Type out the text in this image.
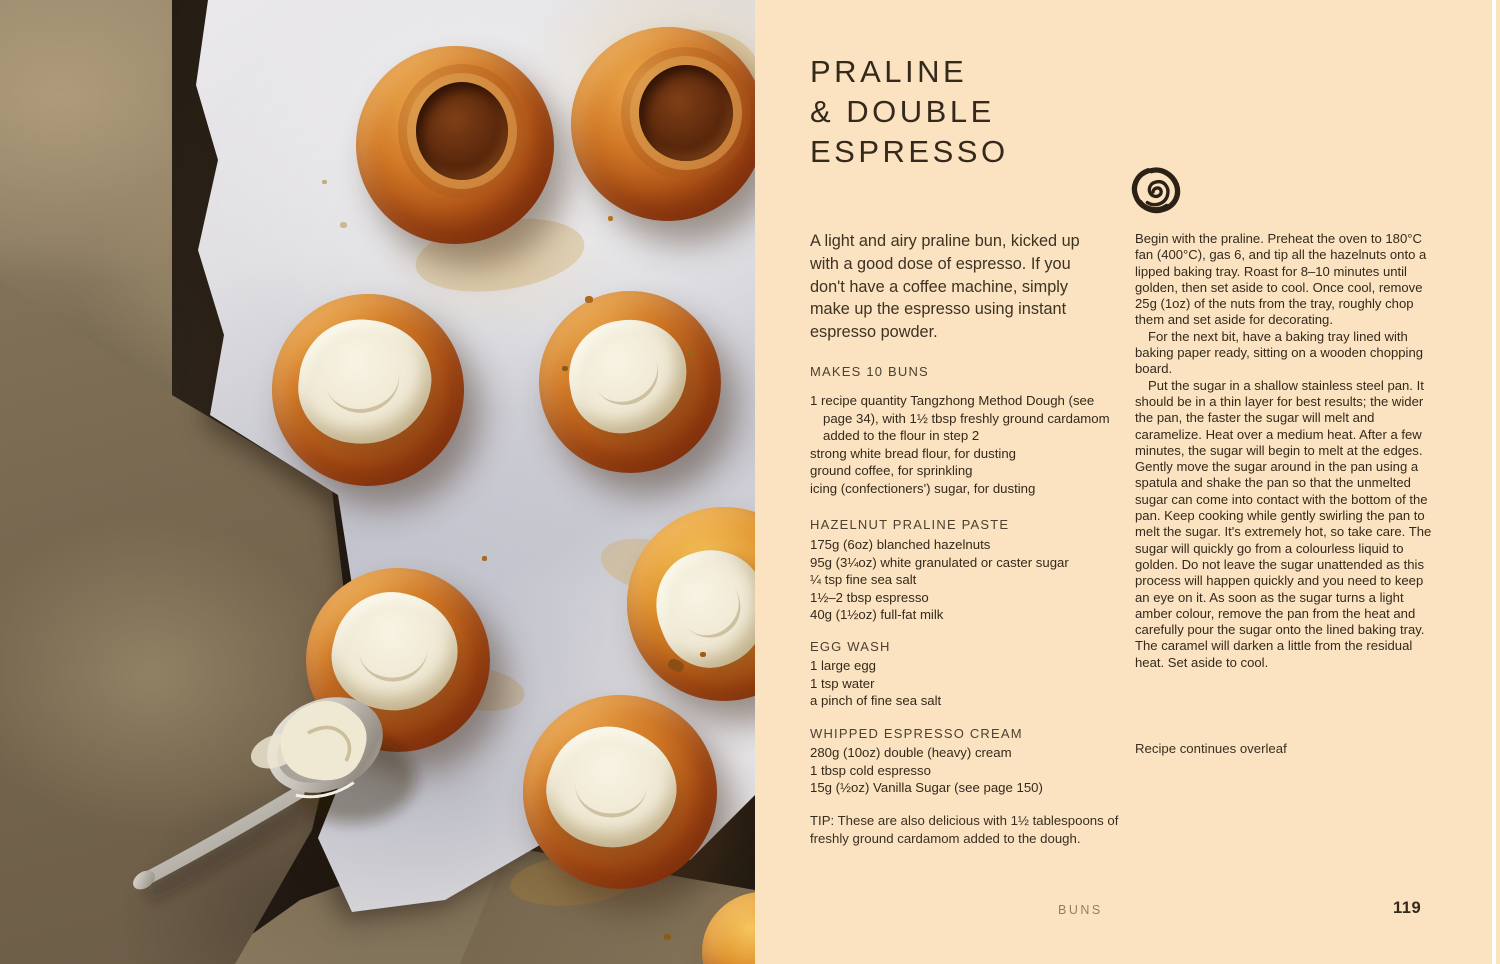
PRALINE
& DOUBLE
ESPRESSO
A light and airy praline bun, kicked up with a good dose of espresso. If you don't have a coffee machine, simply make up the espresso using instant espresso powder.
MAKES 10 BUNS
1 recipe quantity Tangzhong Method Dough (see page 34), with 1½ tbsp freshly ground cardamom added to the flour in step 2
strong white bread flour, for dusting
ground coffee, for sprinkling
icing (confectioners') sugar, for dusting
HAZELNUT PRALINE PASTE
175g (6oz) blanched hazelnuts
95g (3¼oz) white granulated or caster sugar
¼ tsp fine sea salt
1½–2 tbsp espresso
40g (1½oz) full-fat milk
EGG WASH
1 large egg
1 tsp water
a pinch of fine sea salt
WHIPPED ESPRESSO CREAM
280g (10oz) double (heavy) cream
1 tbsp cold espresso
15g (½oz) Vanilla Sugar (see page 150)
TIP: These are also delicious with 1½ tablespoons of freshly ground cardamom added to the dough.

Begin with the praline. Preheat the oven to 180°C fan (400°C), gas 6, and tip all the hazelnuts onto a lipped baking tray. Roast for 8–10 minutes until golden, then set aside to cool. Once cool, remove 25g (1oz) of the nuts from the tray, roughly chop them and set aside for decorating.

For the next bit, have a baking tray lined with baking paper ready, sitting on a wooden chopping board.

Put the sugar in a shallow stainless steel pan. It should be in a thin layer for best results; the wider the pan, the faster the sugar will melt and caramelize. Heat over a medium heat. After a few minutes, the sugar will begin to melt at the edges. Gently move the sugar around in the pan using a spatula and shake the pan so that the unmelted sugar can come into contact with the bottom of the pan. Keep cooking while gently swirling the pan to melt the sugar. It's extremely hot, so take care. The sugar will quickly go from a colourless liquid to golden. Do not leave the sugar unattended as this process will happen quickly and you need to keep an eye on it. As soon as the sugar turns a light amber colour, remove the pan from the heat and carefully pour the sugar onto the lined baking tray. The caramel will darken a little from the residual heat. Set aside to cool.

Recipe continues overleaf
BUNS	119
